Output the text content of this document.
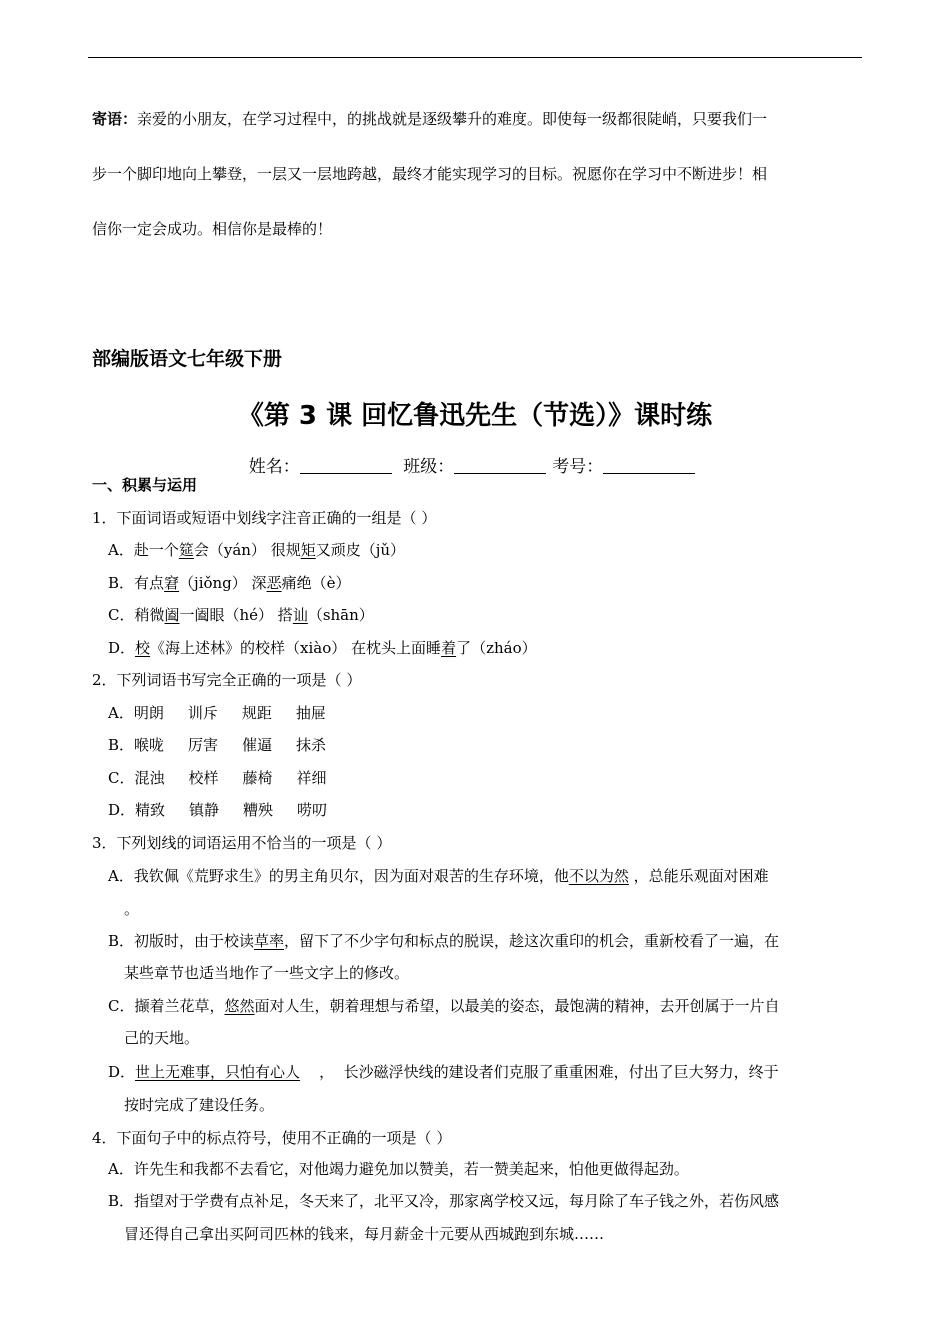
寄语：亲爱的小朋友，在学习过程中，的挑战就是逐级攀升的难度。即使每一级都很陡峭，只要我们一
步一个脚印地向上攀登，一层又一层地跨越，最终才能实现学习的目标。祝愿你在学习中不断进步！相
信你一定会成功。相信你是最棒的！
部编版语文七年级下册
《第 3 课 回忆鲁迅先生（节选）》课时练
姓名：	班级：	考号：
一、积累与运用
1．下面词语或短语中划线字注音正确的一组是（ ）
A．赴一个筵会（yán） 很规矩又顽皮（jǔ）
B．有点窘（jiǒng） 深恶痛绝（è）
C．稍微阖一阖眼（hé） 搭讪（shān）
D．校《海上述林》的校样（xiào） 在枕头上面睡着了（zháo）
2．下列词语书写完全正确的一项是（ ）
A．明朗 训斥 规距 抽屉
B．喉咙 厉害 催逼 抹杀
C．混浊 校样 藤椅 祥细
D．精致 镇静 糟殃 唠叨
3．下列划线的词语运用不恰当的一项是（ ）
A．我钦佩《荒野求生》的男主角贝尔，因为面对艰苦的生存环境，他不以为然 ，总能乐观面对困难
。
B．初版时，由于校读草率，留下了不少字句和标点的脱误，趁这次重印的机会，重新校看了一遍，在
某些章节也适当地作了一些文字上的修改。
C．撷着兰花草，悠然面对人生，朝着理想与希望，以最美的姿态，最饱满的精神，去开创属于一片自
己的天地。
D．世上无难事，只怕有心人    ，  长沙磁浮快线的建设者们克服了重重困难，付出了巨大努力，终于
按时完成了建设任务。
4．下面句子中的标点符号，使用不正确的一项是（ ）
A．许先生和我都不去看它，对他竭力避免加以赞美，若一赞美起来，怕他更做得起劲。
B．指望对于学费有点补足，冬天来了，北平又冷，那家离学校又远，每月除了车子钱之外，若伤风感
冒还得自己拿出买阿司匹林的钱来，每月薪金十元要从西城跑到东城……
